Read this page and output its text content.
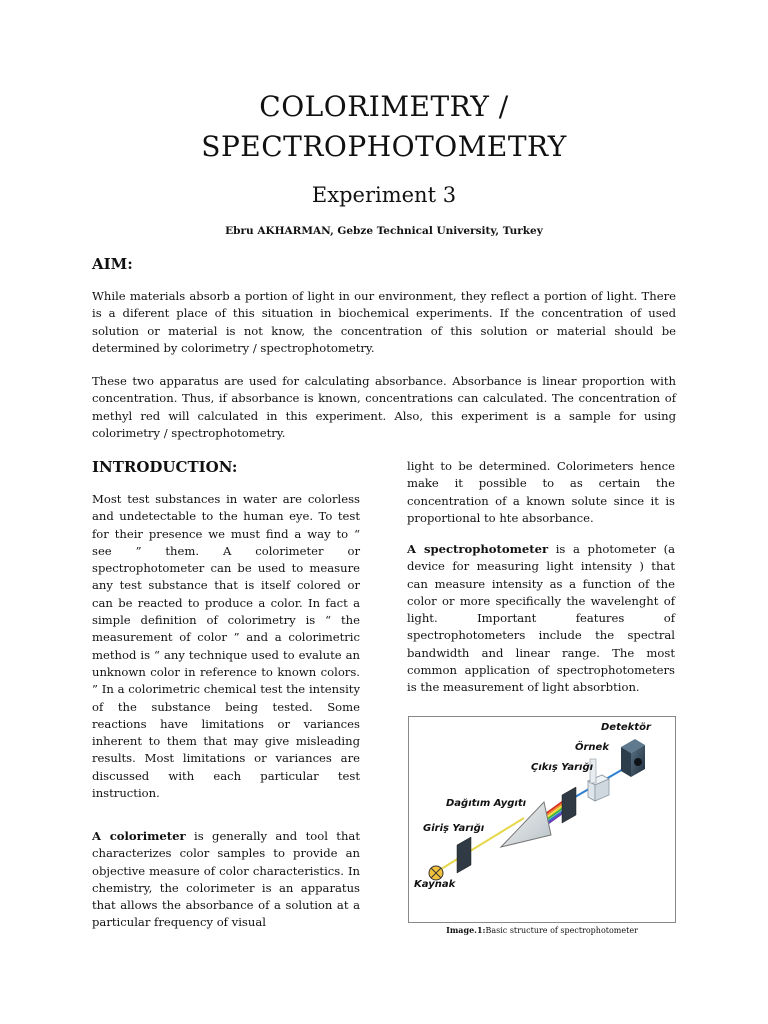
COLORIMETRY /
SPECTROPHOTOMETRY
Experiment 3
Ebru AKHARMAN, Gebze Technical University, Turkey
AIM:

While materials absorb a portion of light in our environment, they reflect a portion of light. There is a diferent place of this situation in biochemical experiments. If the concentration of used solution or material is not know, the concentration of this solution or material should be determined by colorimetry / spectrophotometry.

These two apparatus are used for calculating absorbance. Absorbance is linear proportion with concentration. Thus, if absorbance is known, concentrations can calculated. The concentration of methyl red will calculated in this experiment. Also, this experiment is a sample for using colorimetry / spectrophotometry.

INTRODUCTION:

Most test substances in water are colorless and undetectable to the human eye. To test for their presence we must find a way to “ see ” them. A colorimeter or spectrophotometer can be used to measure any test substance that is itself colored or can be reacted to produce a color. In fact a simple definition of colorimetry is “ the measurement of color ” and a colorimetric method is “ any technique used to evalute an unknown color in reference to known colors. ” In a colorimetric chemical test the intensity of the substance being tested. Some reactions have limitations or variances inherent to them that may give misleading results. Most limitations or variances are discussed with each particular test instruction.

A colorimeter is generally and tool that characterizes color samples to provide an objective measure of color characteristics. In chemistry, the colorimeter is an apparatus that allows the absorbance of a solution at a particular frequency of visual

light to be determined. Colorimeters hence make it possible to as certain the concentration of a known solute since it is proportional to hte absorbance.

A spectrophotometer is a photometer (a device for measuring light intensity ) that can measure intensity as a function of the color or more specifically the wavelenght of light. Important features of spectrophotometers include the spectral bandwidth and linear range. The most common application of spectrophotometers is the measurement of light absorbtion.

Detektör
Örnek
Çıkış Yarığı
Dağıtım Aygıtı
Giriş Yarığı
Kaynak
Image.1:Basic structure of spectrophotometer
